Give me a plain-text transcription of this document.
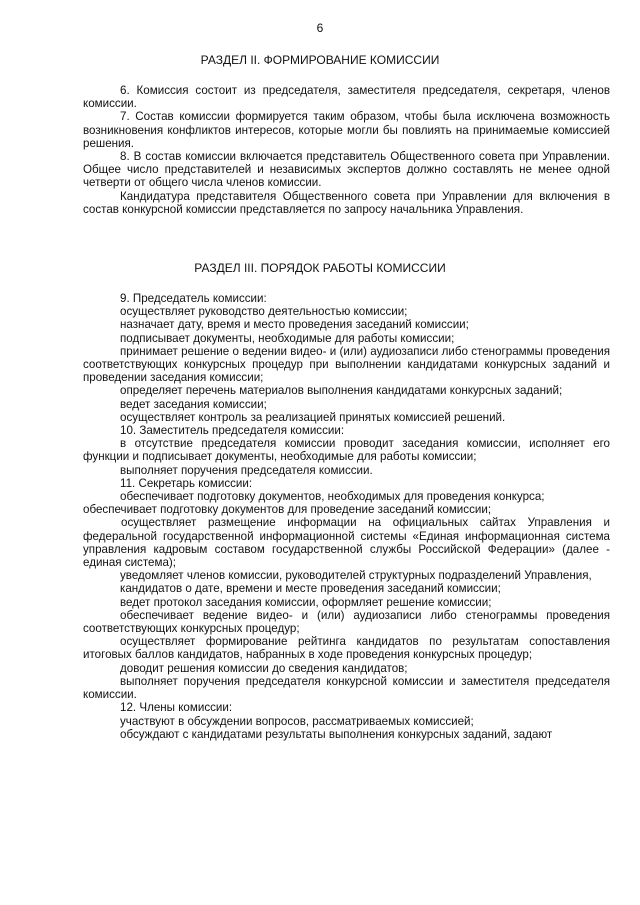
6
РАЗДЕЛ II. ФОРМИРОВАНИЕ КОМИССИИ

6. Комиссия состоит из председателя, заместителя председателя, секретаря, членов комиссии.

7. Состав комиссии формируется таким образом, чтобы была исключена возможность возникновения конфликтов интересов, которые могли бы повлиять на принимаемые комиссией решения.

8. В состав комиссии включается представитель Общественного совета при Управлении. Общее число представителей и независимых экспертов должно составлять не менее одной четверти от общего числа членов комиссии.

Кандидатура представителя Общественного совета при Управлении для включения в состав конкурсной комиссии представляется по запросу начальника Управления.

РАЗДЕЛ III. ПОРЯДОК РАБОТЫ КОМИССИИ

9. Председатель комиссии:

осуществляет руководство деятельностью комиссии;

назначает дату, время и место проведения заседаний комиссии;

подписывает документы, необходимые для работы комиссии;

принимает решение о ведении видео- и (или) аудиозаписи либо стенограммы проведения соответствующих конкурсных процедур при выполнении кандидатами конкурсных заданий и проведении заседания комиссии;

определяет перечень материалов выполнения кандидатами конкурсных заданий;

ведет заседания комиссии;

осуществляет контроль за реализацией принятых комиссией решений.

10. Заместитель председателя комиссии:

в отсутствие председателя комиссии проводит заседания комиссии, исполняет его функции и подписывает документы, необходимые для работы комиссии;

выполняет поручения председателя комиссии.

11. Секретарь комиссии:

обеспечивает подготовку документов, необходимых для проведения конкурса;

обеспечивает подготовку документов для проведение заседаний комиссии;

осуществляет размещение информации на официальных сайтах Управления и федеральной государственной информационной системы «Единая информационная система управления кадровым составом государственной службы Российской Федерации» (далее - единая система);

уведомляет членов комиссии, руководителей структурных подразделений Управления,

кандидатов о дате, времени и месте проведения заседаний комиссии;

ведет протокол заседания комиссии, оформляет решение комиссии;

обеспечивает ведение видео- и (или) аудиозаписи либо стенограммы проведения соответствующих конкурсных процедур;

осуществляет формирование рейтинга кандидатов по результатам сопоставления итоговых баллов кандидатов, набранных в ходе проведения конкурсных процедур;

доводит решения комиссии до сведения кандидатов;

выполняет поручения председателя конкурсной комиссии и заместителя председателя комиссии.

12. Члены комиссии:

участвуют в обсуждении вопросов, рассматриваемых комиссией;

обсуждают с кандидатами результаты выполнения конкурсных заданий, задают
